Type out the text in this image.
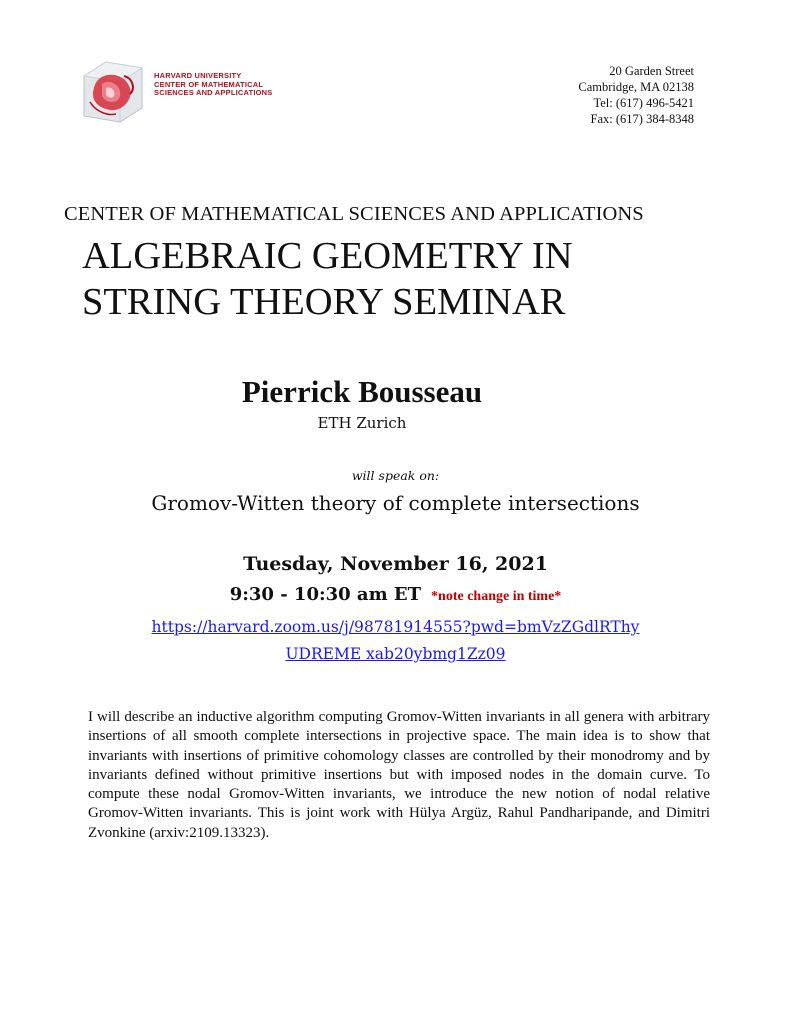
HARVARD UNIVERSITY
CENTER OF MATHEMATICAL
SCIENCES AND APPLICATIONS
20 Garden Street
Cambridge, MA 02138
Tel: (617) 496-5421
Fax: (617) 384-8348
CENTER OF MATHEMATICAL SCIENCES AND APPLICATIONS
ALGEBRAIC GEOMETRY IN
STRING THEORY SEMINAR
Pierrick Bousseau
ETH Zurich
will speak on:
Gromov-Witten theory of complete intersections
Tuesday, November 16, 2021
9:30 - 10:30 am ET *note change in time*
https://harvard.zoom.us/j/98781914555?pwd=bmVzZGdlRThy
UDREME xab20ybmg1Zz09
I will describe an inductive algorithm computing Gromov-Witten invariants in all genera with arbitrary insertions of all smooth complete intersections in projective space. The main idea is to show that invariants with insertions of primitive cohomology classes are controlled by their monodromy and by invariants defined without primitive insertions but with imposed nodes in the domain curve. To compute these nodal Gromov-Witten invariants, we introduce the new notion of nodal relative Gromov-Witten invariants. This is joint work with Hülya Argüz, Rahul Pandharipande, and Dimitri Zvonkine (arxiv:2109.13323).
